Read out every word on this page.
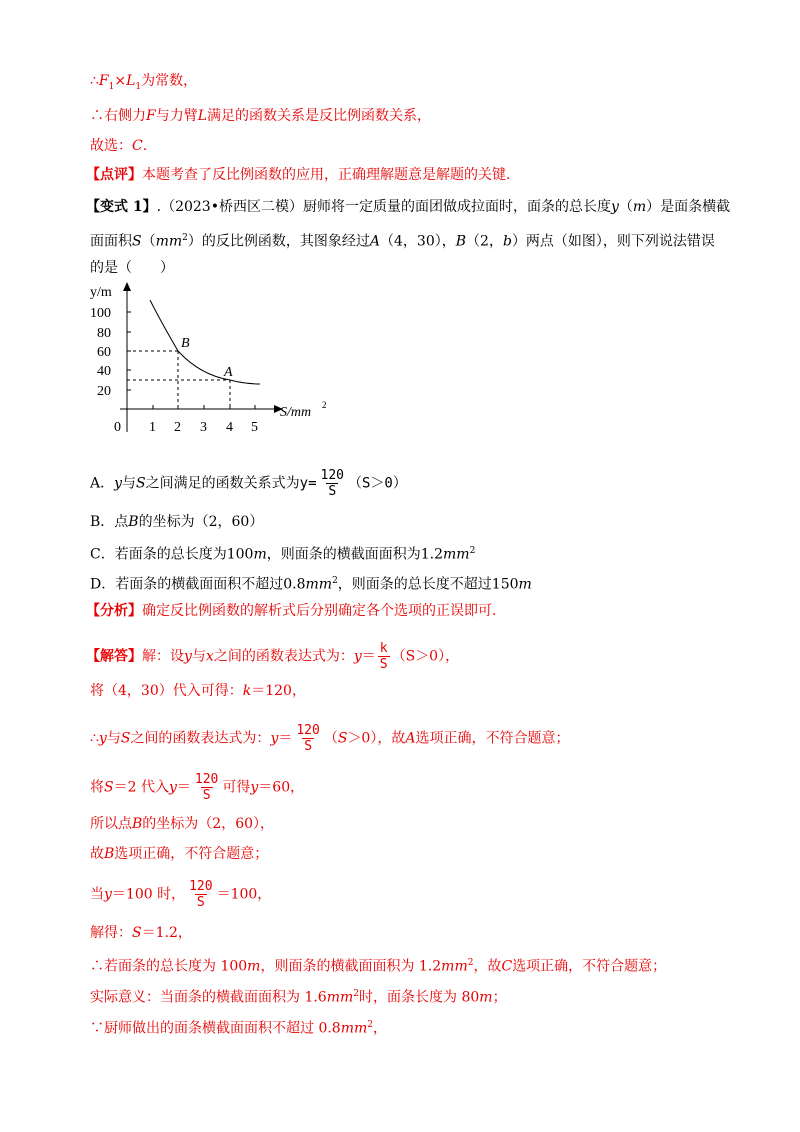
$\therefore F_1\times L_1$为常数，
∴右侧力F与力臂L满足的函数关系是反比例函数关系，
故选：C.
【点评】本题考查了反比例函数的应用，正确理解题意是解题的关键.
【变式 1】.（2023•桥西区二模）厨师将一定质量的面团做成拉面时，面条的总长度y（m）是面条横截
面面积$S(mm^2)$的反比例函数，其图象经过A（4，30），B（2，b）两点（如图），则下列说法错误
的是（　　）
y/m
100
80
60
40
20
0 1 2 3 4 5
S/mm 2
B
A
A．y与S之间满足的函数关系式为$y= \frac{120}{S} (S>0)$
B．点B的坐标为（2，60）
C．若面条的总长度为100m，则面条的横截面面积为$1.2mm^2$
D．若面条的横截面面积不超过$0.8mm^2$，则面条的总长度不超过150m
【分析】确定反比例函数的解析式后分别确定各个选项的正误即可.
【解答】解：设y与x之间的函数表达式为：$y= \frac{k}{S} (S>0)$，
将（4，30）代入可得：k＝120，
∴y与S之间的函数表达式为：$y= \frac{120}{S} (S>0)$，故A选项正确，不符合题意；
将S＝2 代入$y= \frac{120}{S}$ 可得y＝60，
所以点B的坐标为（2，60），
故B选项正确，不符合题意；
当y＝100 时， $\frac{120}{S} =100$，
解得：S＝1.2，
∴若面条的总长度为 100m，则面条的横截面面积为 $1.2mm^2$，故C选项正确，不符合题意；
实际意义：当面条的横截面面积为 $1.6mm^2$时，面条长度为 80m；
∵厨师做出的面条横截面面积不超过 $0.8mm^2$，
